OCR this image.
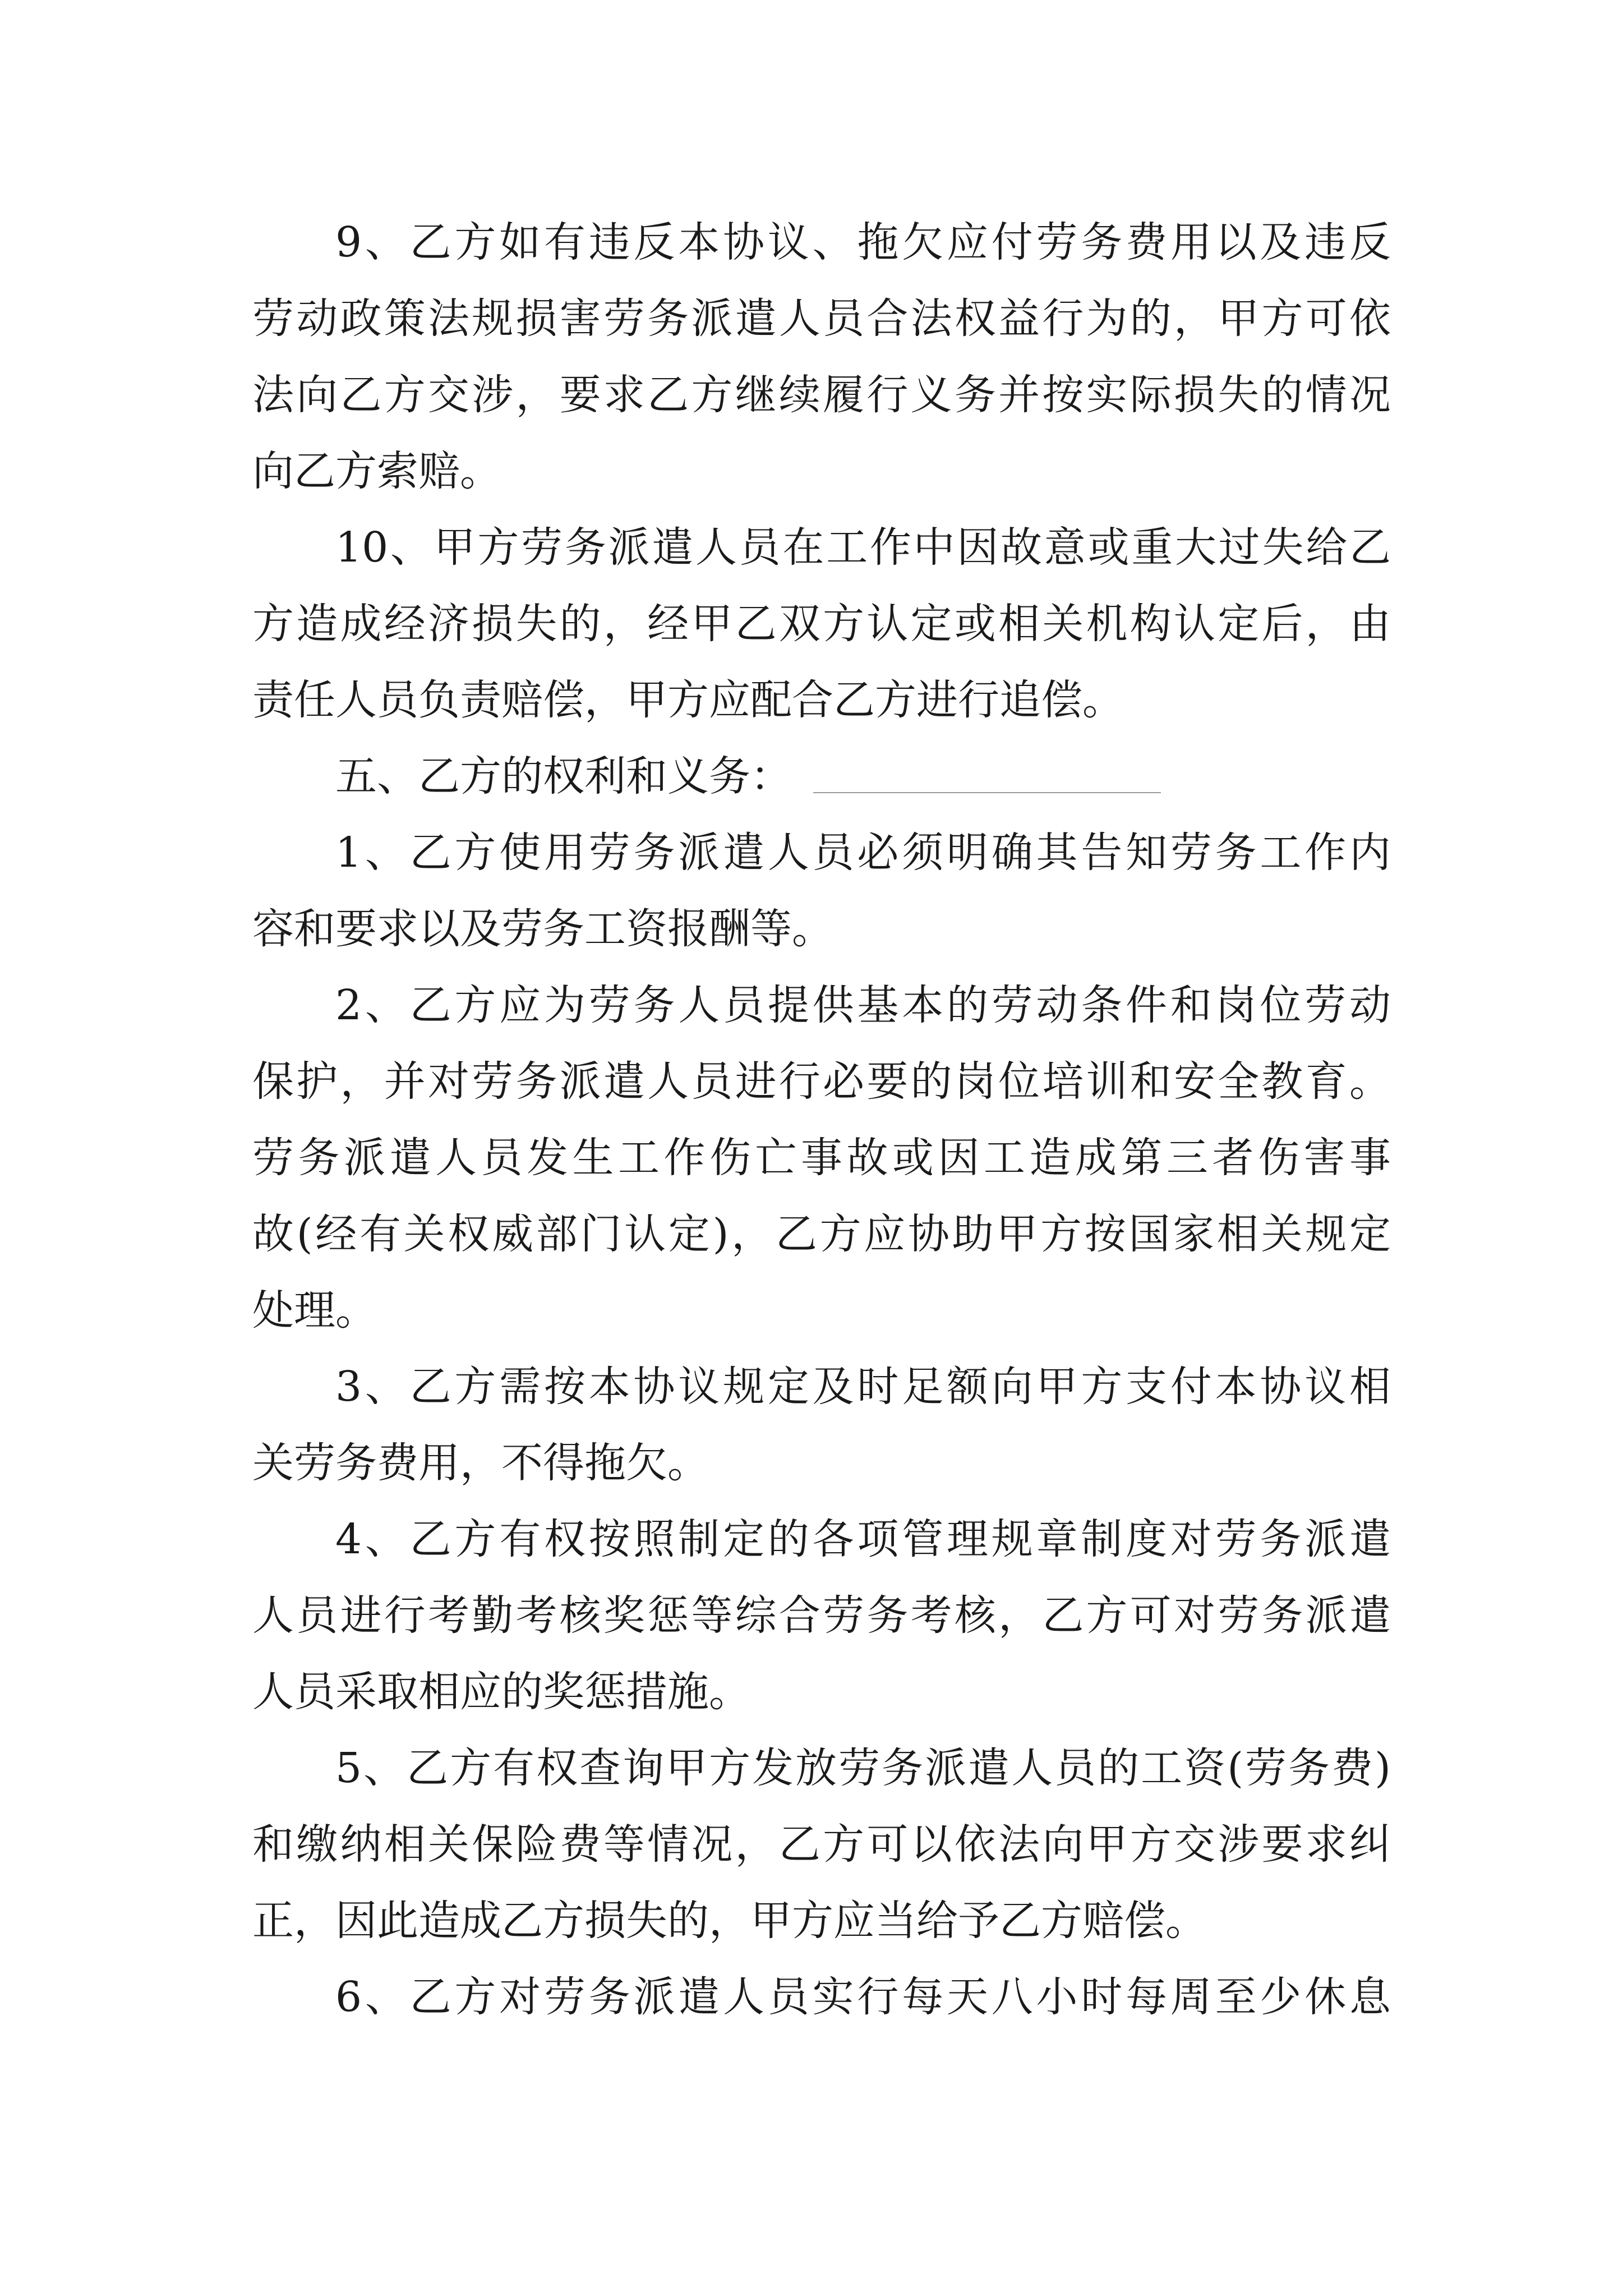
9、乙方如有违反本协议、拖欠应付劳务费用以及违反
劳动政策法规损害劳务派遣人员合法权益行为的，甲方可依
法向乙方交涉，要求乙方继续履行义务并按实际损失的情况
向乙方索赔。
10、甲方劳务派遣人员在工作中因故意或重大过失给乙
方造成经济损失的，经甲乙双方认定或相关机构认定后，由
责任人员负责赔偿，甲方应配合乙方进行追偿。
五、乙方的权利和义务：
1、乙方使用劳务派遣人员必须明确其告知劳务工作内
容和要求以及劳务工资报酬等。
2、乙方应为劳务人员提供基本的劳动条件和岗位劳动
保护，并对劳务派遣人员进行必要的岗位培训和安全教育。
劳务派遣人员发生工作伤亡事故或因工造成第三者伤害事
故(经有关权威部门认定)，乙方应协助甲方按国家相关规定
处理。
3、乙方需按本协议规定及时足额向甲方支付本协议相
关劳务费用，不得拖欠。
4、乙方有权按照制定的各项管理规章制度对劳务派遣
人员进行考勤考核奖惩等综合劳务考核，乙方可对劳务派遣
人员采取相应的奖惩措施。
5、乙方有权查询甲方发放劳务派遣人员的工资(劳务费)
和缴纳相关保险费等情况，乙方可以依法向甲方交涉要求纠
正，因此造成乙方损失的，甲方应当给予乙方赔偿。
6、乙方对劳务派遣人员实行每天八小时每周至少休息
